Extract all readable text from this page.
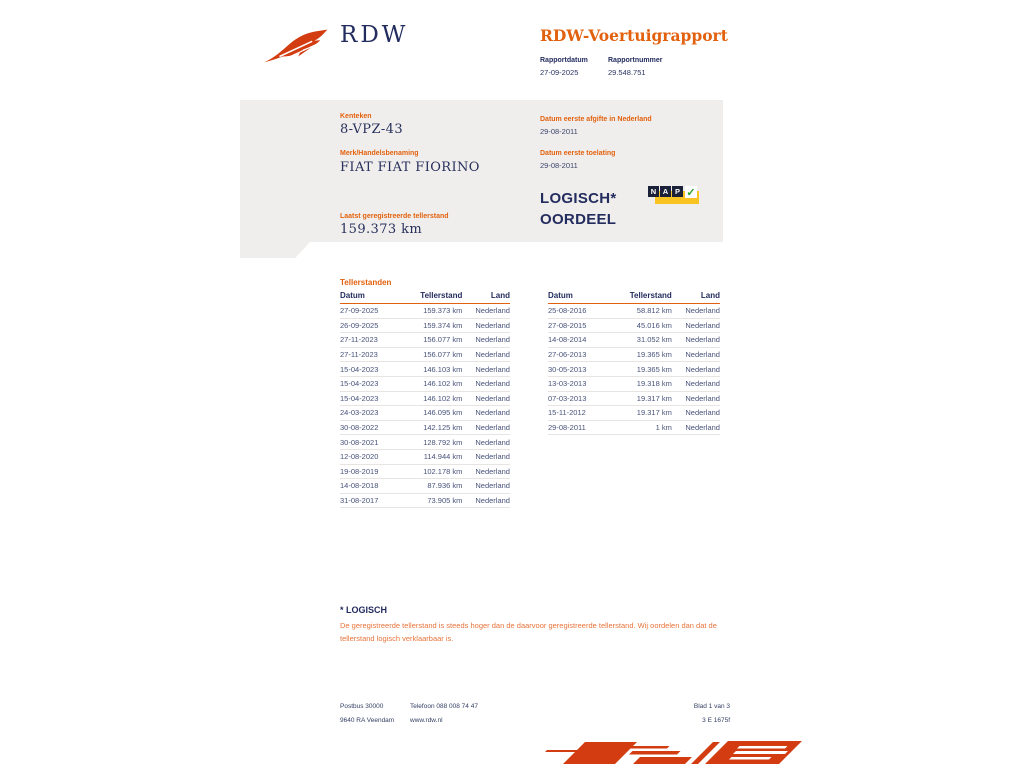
RDW	RDW-Voertuigrapport
Rapportdatum
27-09-2025
Rapportnummer
29.548.751
Kenteken
8-VPZ-43
Merk/Handelsbenaming
FIAT FIAT FIORINO
Laatst geregistreerde tellerstand
159.373 km
Datum eerste afgifte in Nederland
29-08-2011
Datum eerste toelating
29-08-2011
LOGISCH*
OORDEEL
N A P ✓
Tellerstanden
Datum	Tellerstand	Land
27-09-2025	159.373 km	Nederland
26-09-2025	159.374 km	Nederland
27-11-2023	156.077 km	Nederland
27-11-2023	156.077 km	Nederland
15-04-2023	146.103 km	Nederland
15-04-2023	146.102 km	Nederland
15-04-2023	146.102 km	Nederland
24-03-2023	146.095 km	Nederland
30-08-2022	142.125 km	Nederland
30-08-2021	128.792 km	Nederland
12-08-2020	114.944 km	Nederland
19-08-2019	102.178 km	Nederland
14-08-2018	87.936 km	Nederland
31-08-2017	73.905 km	Nederland
Datum	Tellerstand	Land
25-08-2016	58.812 km	Nederland
27-08-2015	45.016 km	Nederland
14-08-2014	31.052 km	Nederland
27-06-2013	19.365 km	Nederland
30-05-2013	19.365 km	Nederland
13-03-2013	19.318 km	Nederland
07-03-2013	19.317 km	Nederland
15-11-2012	19.317 km	Nederland
29-08-2011	1 km	Nederland
* LOGISCH
De geregistreerde tellerstand is steeds hoger dan de daarvoor geregistreerde tellerstand. Wij oordelen dan dat de tellerstand logisch verklaarbaar is.
Postbus 30000
9640 RA Veendam
Telefoon 088 008 74 47
www.rdw.nl
Blad 1 van 3
3 E 1675f
